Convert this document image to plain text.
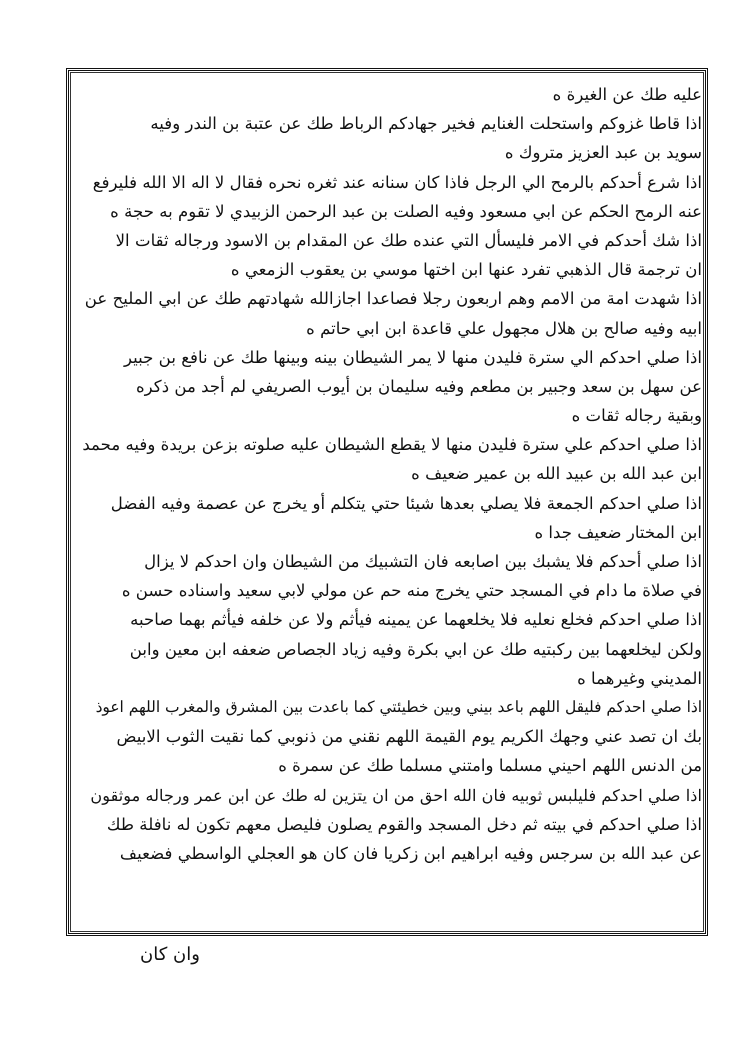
عليه طك عن الغيرة ه
اذا قاطا غزوكم واستحلت الغنايم فخير جهادكم الرباط طك عن عتبة بن الندر وفيه
سويد بن عبد العزيز متروك ه
اذا شرع أحدكم بالرمح الي الرجل فاذا كان سنانه عند ثغره نحره فقال لا اله الا الله فليرفع
عنه الرمح الحكم عن ابي مسعود وفيه الصلت بن عبد الرحمن الزبيدي لا تقوم به حجة ه
اذا شك أحدكم في الامر فليسأل التي عنده طك عن المقدام بن الاسود ورجاله ثقات الا
ان ترجمة قال الذهبي تفرد عنها ابن اختها موسي بن يعقوب الزمعي ه
اذا شهدت امة من الامم وهم اربعون رجلا فصاعدا اجازالله شهادتهم طك عن ابي المليح عن
ابيه وفيه صالح بن هلال مجهول علي قاعدة ابن ابي حاتم ه
اذا صلي احدكم الي سترة فليدن منها لا يمر الشيطان بينه وبينها طك عن نافع بن جبير
عن سهل بن سعد وجبير بن مطعم وفيه سليمان بن أيوب الصريفي لم أجد من ذكره
وبقية رجاله ثقات ه
اذا صلي احدكم علي سترة فليدن منها لا يقطع الشيطان عليه صلوته بزعن بريدة وفيه محمد
ابن عبد الله بن عبيد الله بن عمير ضعيف ه
اذا صلي احدكم الجمعة فلا يصلي بعدها شيئا حتي يتكلم أو يخرج عن عصمة وفيه الفضل
ابن المختار ضعيف جدا ه
اذا صلي أحدكم فلا يشبك بين اصابعه فان التشبيك من الشيطان وان احدكم لا يزال
في صلاة ما دام في المسجد حتي يخرج منه حم عن مولي لابي سعيد واسناده حسن ه
اذا صلي احدكم فخلع نعليه فلا يخلعهما عن يمينه فيأثم ولا عن خلفه فيأثم بهما صاحبه
ولكن ليخلعهما بين ركبتيه طك عن ابي بكرة وفيه زياد الجصاص ضعفه ابن معين وابن
المديني وغيرهما ه
اذا صلي احدكم فليقل اللهم باعد بيني وبين خطيئتي كما باعدت بين المشرق والمغرب اللهم اعوذ
بك ان تصد عني وجهك الكريم يوم القيمة اللهم نقني من ذنوبي كما نقيت الثوب الابيض
من الدنس اللهم احيني مسلما وامتني مسلما طك عن سمرة ه
اذا صلي احدكم فليلبس ثوبيه فان الله احق من ان يتزين له طك عن ابن عمر ورجاله موثقون
اذا صلي احدكم في بيته ثم دخل المسجد والقوم يصلون فليصل معهم تكون له نافلة طك
عن عبد الله بن سرجس وفيه ابراهيم ابن زكريا فان كان هو العجلي الواسطي فضعيف
وان كان
